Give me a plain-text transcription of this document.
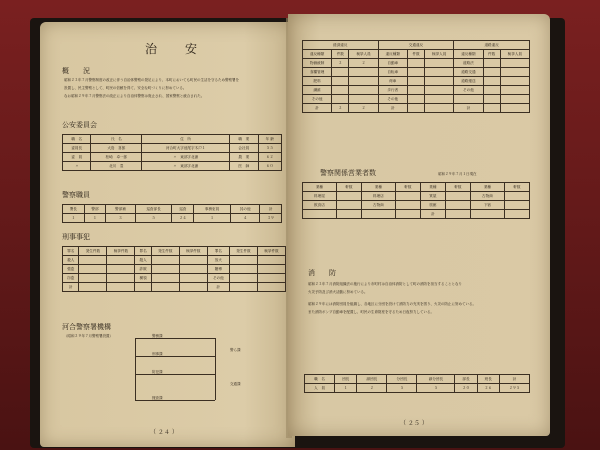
治　安
概　　況
昭和２３年７月警察制度の改正に伴う自治体警察の発足により、本町においても町民の生活を守るため警察署を
設置し、民主警察として、町民の信頼を得て、安全な町づくりに努めている。
なお昭和２９年７月警察法の改正により自治体警察は廃止され、国家警察と統合された。
公安委員会
職　名	氏　名	住　所	職　業	年 齢
委員長	大島　喜郎	河合町大字池尾字木戸１	会社員	５５
委　員	松崎　卓一郎	〃　東部字北浦	農　業	６２
〃	北川　豊	〃　東部字北浦	医　師	６０
警察職員
署長	警部	警部補	巡査部長	巡査	事務吏員	其の他	計
１	１	３	５	２４	１	４	３９
刑事事犯
罪名	発生件数	検挙件数	罪名	発生件数	検挙件数	罪名	発生件数	検挙件数
殺人			殺人			放火		
強盗			詐欺			賭博		
窃盗			横領			その他		
計						計		
河合警察署機構
（昭和２９年７月警察署設置）	警務課
刑事課
防犯課
捜査課
警ら課
交通課
（ ２４ ）
経済違反			交通違反			道路違反		
違反種類	件数	検挙人員	違反種類	件数	検挙人員	違反種類	件数	検挙人員
物価統制	２	２	自動車			道路法		
食糧管理			自転車			道路交通		
肥料			荷車			道路運送		
繊維			歩行者			その他		
その他			その他					
計	２	２	計			計		
警察関係営業者数	昭和２９年７月１日現在
業種	軒数	業種	軒数	業種	軒数	業種	軒数
料理屋		料理店		質屋		古物商	
飲食店		古物商		旅館		下宿	
				計			
消　　防
昭和２３年７月消防組織法の施行により市町村は自治体消防として町の消防を担当することとなり
火災予防及び消火活動に努めている。
昭和２９年には消防団員を組織し、各地区に分団を設けて消防力の充実を図り、火災の防止に努めている。
また消防ポンプ自動車を配置し、町民の生命財産を守るため日夜努力している。
職　名	団長	副団長	分団長	副分団長	部長	班長	計
人　員	１	２	５	５	２０	２６	２９５
（ ２５ ）
